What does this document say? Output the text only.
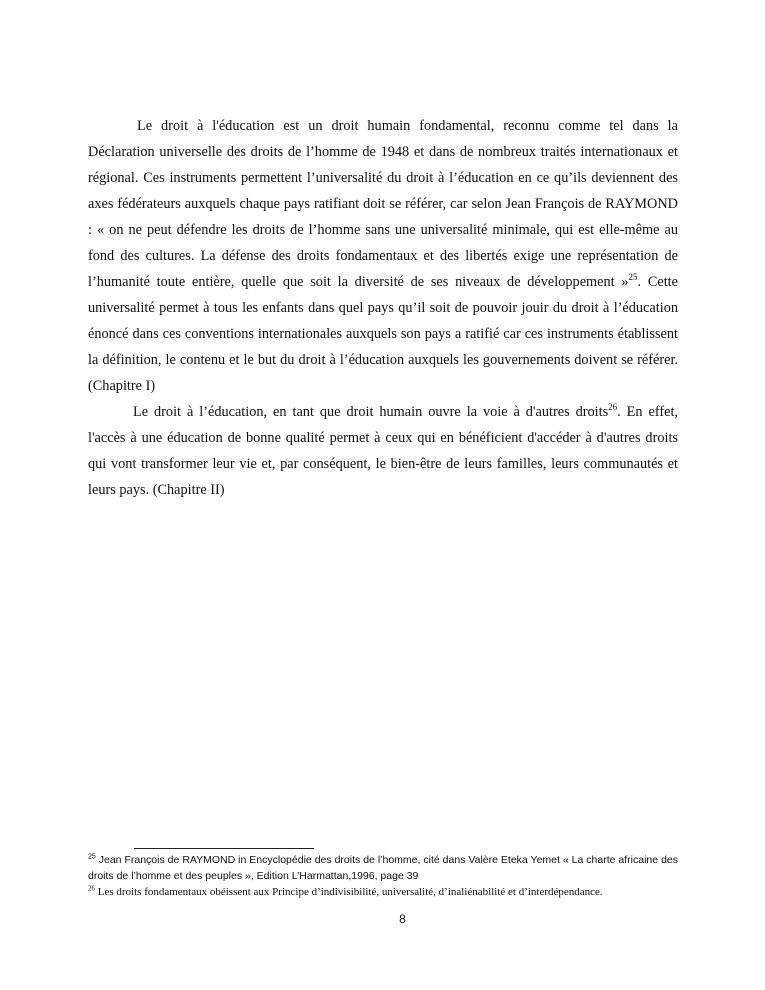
Le droit à l'éducation est un droit humain fondamental, reconnu comme tel dans la Déclaration universelle des droits de l’homme de 1948 et dans de nombreux traités internationaux et régional. Ces instruments permettent l’universalité du droit à l’éducation en ce qu’ils deviennent des axes fédérateurs auxquels chaque pays ratifiant doit se référer, car selon Jean François de RAYMOND : « on ne peut défendre les droits de l’homme sans une universalité minimale, qui est elle-même au fond des cultures. La défense des droits fondamentaux et des libertés exige une représentation de l’humanité toute entière, quelle que soit la diversité de ses niveaux de développement »$^{25}$. Cette universalité permet à tous les enfants dans quel pays qu’il soit de pouvoir jouir du droit à l’éducation énoncé dans ces conventions internationales auxquels son pays a ratifié car ces instruments établissent la définition, le contenu et le but du droit à l’éducation auxquels les gouvernements doivent se référer. (Chapitre I)

Le droit à l’éducation, en tant que droit humain ouvre la voie à d'autres droits$^{26}$. En effet, l'accès à une éducation de bonne qualité permet à ceux qui en bénéficient d'accéder à d'autres droits qui vont transformer leur vie et, par conséquent, le bien-être de leurs familles, leurs communautés et leurs pays. (Chapitre II)

$^{25}$ Jean François de RAYMOND in Encyclopédie des droits de l’homme, cité dans Valère Eteka Yemet « La charte africaine des droits de l’homme et des peuples », Edition L’Harmattan,1996, page 39

$^{26}$ Les droits fondamentaux obéissent aux Principe d’indivisibilité, universalité, d’inaliénabilité et d’interdépendance.

8
